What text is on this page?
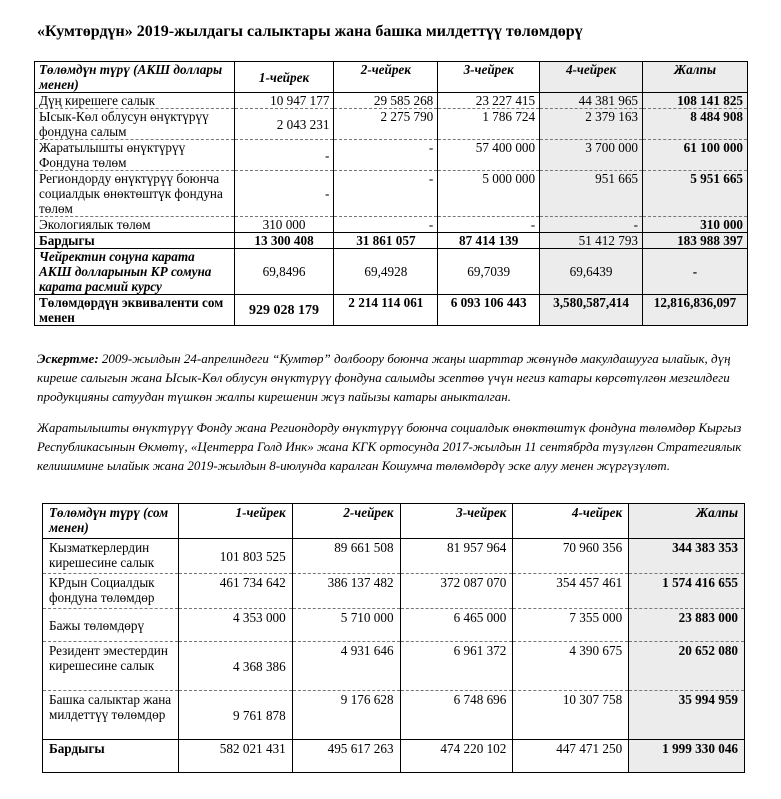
«Кумтөрдүн» 2019-жылдагы салыктары жана башка милдеттүү төлөмдөрү
Төлөмдүн түрү (АКШ доллары менен)	1-чейрек	2-чейрек	3-чейрек	4-чейрек	Жалпы
Дүң кирешеге салык	10 947 177	29 585 268	23 227 415	44 381 965	108 141 825
Ысык-Көл облусун өнүктүрүү фондуна салым	2 043 231	2 275 790	1 786 724	2 379 163	8 484 908
Жаратылышты өнүктүрүү Фондуна төлөм	-	-	57 400 000	3 700 000	61 100 000
Региондорду өнүктүрүү боюнча социалдык өнөктөштүк фондуна төлөм	-	-	5 000 000	951 665	5 951 665
Экологиялык төлөм	310 000	-	-	-	310 000
Бардыгы	13 300 408	31 861 057	87 414 139	51 412 793	183 988 397
Чейректин соңуна карата АКШ долларынын КР сомуна карата расмий курсу	69,8496	69,4928	69,7039	69,6439	-
Төлөмдөрдүн эквиваленти сом менен	929 028 179	2 214 114 061	6 093 106 443	3,580,587,414	12,816,836,097
Эскертме: 2009-жылдын 24-апрелиндеги “Кумтөр” долбоору боюнча жаңы шарттар жөнүндө макулдашууга ылайык, дүң киреше салыгын жана Ысык-Көл облусун өнүктүрүү фондуна салымды эсептөө үчүн негиз катары көрсөтүлгөн мезгилдеги продукцияны сатуудан түшкөн жалпы кирешенин жүз пайызы катары аныкталган.
Жаратылышты өнүктүрүү Фонду жана Региондорду өнүктүрүү боюнча социалдык өнөктөштүк фондуна төлөмдөр Кыргыз Республикасынын Өкмөтү, «Центерра Голд Инк» жана КГК ортосунда 2017-жылдын 11 сентябрда түзүлгөн Стратегиялык келишимине ылайык жана 2019-жылдын 8-июлунда каралган Кошумча төлөмдөрдү эске алуу менен жүргүзүлөт.
Төлөмдүн түрү (сом менен)	1-чейрек	2-чейрек	3-чейрек	4-чейрек	Жалпы
Кызматкерлердин кирешесине салык	101 803 525	89 661 508	81 957 964	70 960 356	344 383 353
КРдын Социалдык фондуна төлөмдөр	461 734 642	386 137 482	372 087 070	354 457 461	1 574 416 655
Бажы төлөмдөрү	4 353 000	5 710 000	6 465 000	7 355 000	23 883 000
Резидент эместердин кирешесине салык	4 368 386	4 931 646	6 961 372	4 390 675	20 652 080
Башка салыктар жана милдеттүү төлөмдөр	9 761 878	9 176 628	6 748 696	10 307 758	35 994 959
Бардыгы	582 021 431	495 617 263	474 220 102	447 471 250	1 999 330 046
